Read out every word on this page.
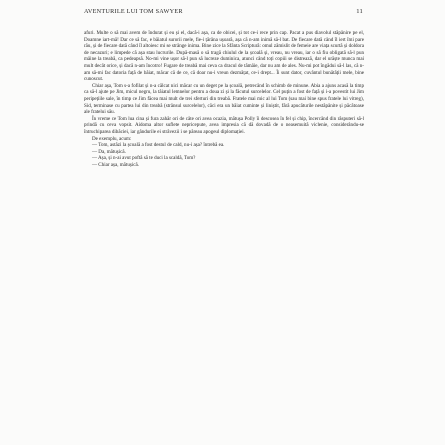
AVENTURILE LUI TOM SAWYER	11

afuri. Multe o să mai avem de îndurat și eu și el, dacă-i așa, ca de obicei, și tot ce-i rece prin cap. Pacat a pus diavolul stăpânire pe el, Doamne iart-mă! Dar ce să fac, e băiatul surorii mele, fie-i țărâna ușoară, așa că n-am inimă să-l bat. De fiecare dată când îl iert îmi pare rău, și de fiecare dată când îl altoiesc mi se strânge inima. Bine zice la Sfânta Scriptură: omul zămislit de femeie are viața scurtă și doldora de necazuri; e limpede că așa stau lucrurile. După-masă o să tragă chiulul de la școală și, vreau, nu vreau, iar o să fiu obligată să-l pun mâine la treabă, ca pedeapsă. No-mi vine ușor să-l pun să lucreze duminica, atunci când toți copiii se distrează, dar el urăște munca mai mult decât orice, și dacă n-am încotro! Fugare de treabă mai ceva ca dracul de tămâie, dar nu am de ales. Nu-mi pot îngădui să-l las, că n-am să-mi fac datoria față de băiat, măcar că de ce, că doar nu-i vreun dezmățat, ce-i drept... Îi sunt dator, cuvântul bunătății mele, bine cunoscut.

Chiar așa, Tom s-a fofilat și n-a călcat nici măcar cu un deget pe la școală, petrecând în schimb de minune. Abia a ajuns acasă la timp ca să-l ajute pe Jim, micul negru, la tăiatul lemnelor pentru a doua zi și la făcutul surcelelor. Cel puțin a fost de față și i-a povestit lui Jim peripețiile sale, în timp ce Jim făcea mai mult de trei sferturi din treabă. Fratele mai mic al lui Tom (sau mai bine spus fratele lui vitreg), Sid, terminase cu partea lui din treabă (strânsul surcelelor), căci era un băiat cuminte și liniștit, fără apucăturile nestăpânite și păcătoase ale fratelui său.

În vreme ce Tom lua cina și fura zahăr ori de câte ori avea ocazia, mătușa Polly îi descosea în fel și chip, încercând din răsputeri să-l prindă cu ceva vopsit. Aidoma altor suflete nepricepute, avea impresia că dă dovadă de o neasemuită viclenie, considerându-se întruchiparea dibăciei, iar gândurile ei străvezii i se păreau apogeul diplomației.

De exemplu, acum:

— Tom, astăzi la școală a fost destul de cald, nu-i așa? întrebă ea.

— Da, mătușică.

— Așa, și n-ai avut poftă să te duci la scaldă, Tom?

— Chiar așa, mătușică.
